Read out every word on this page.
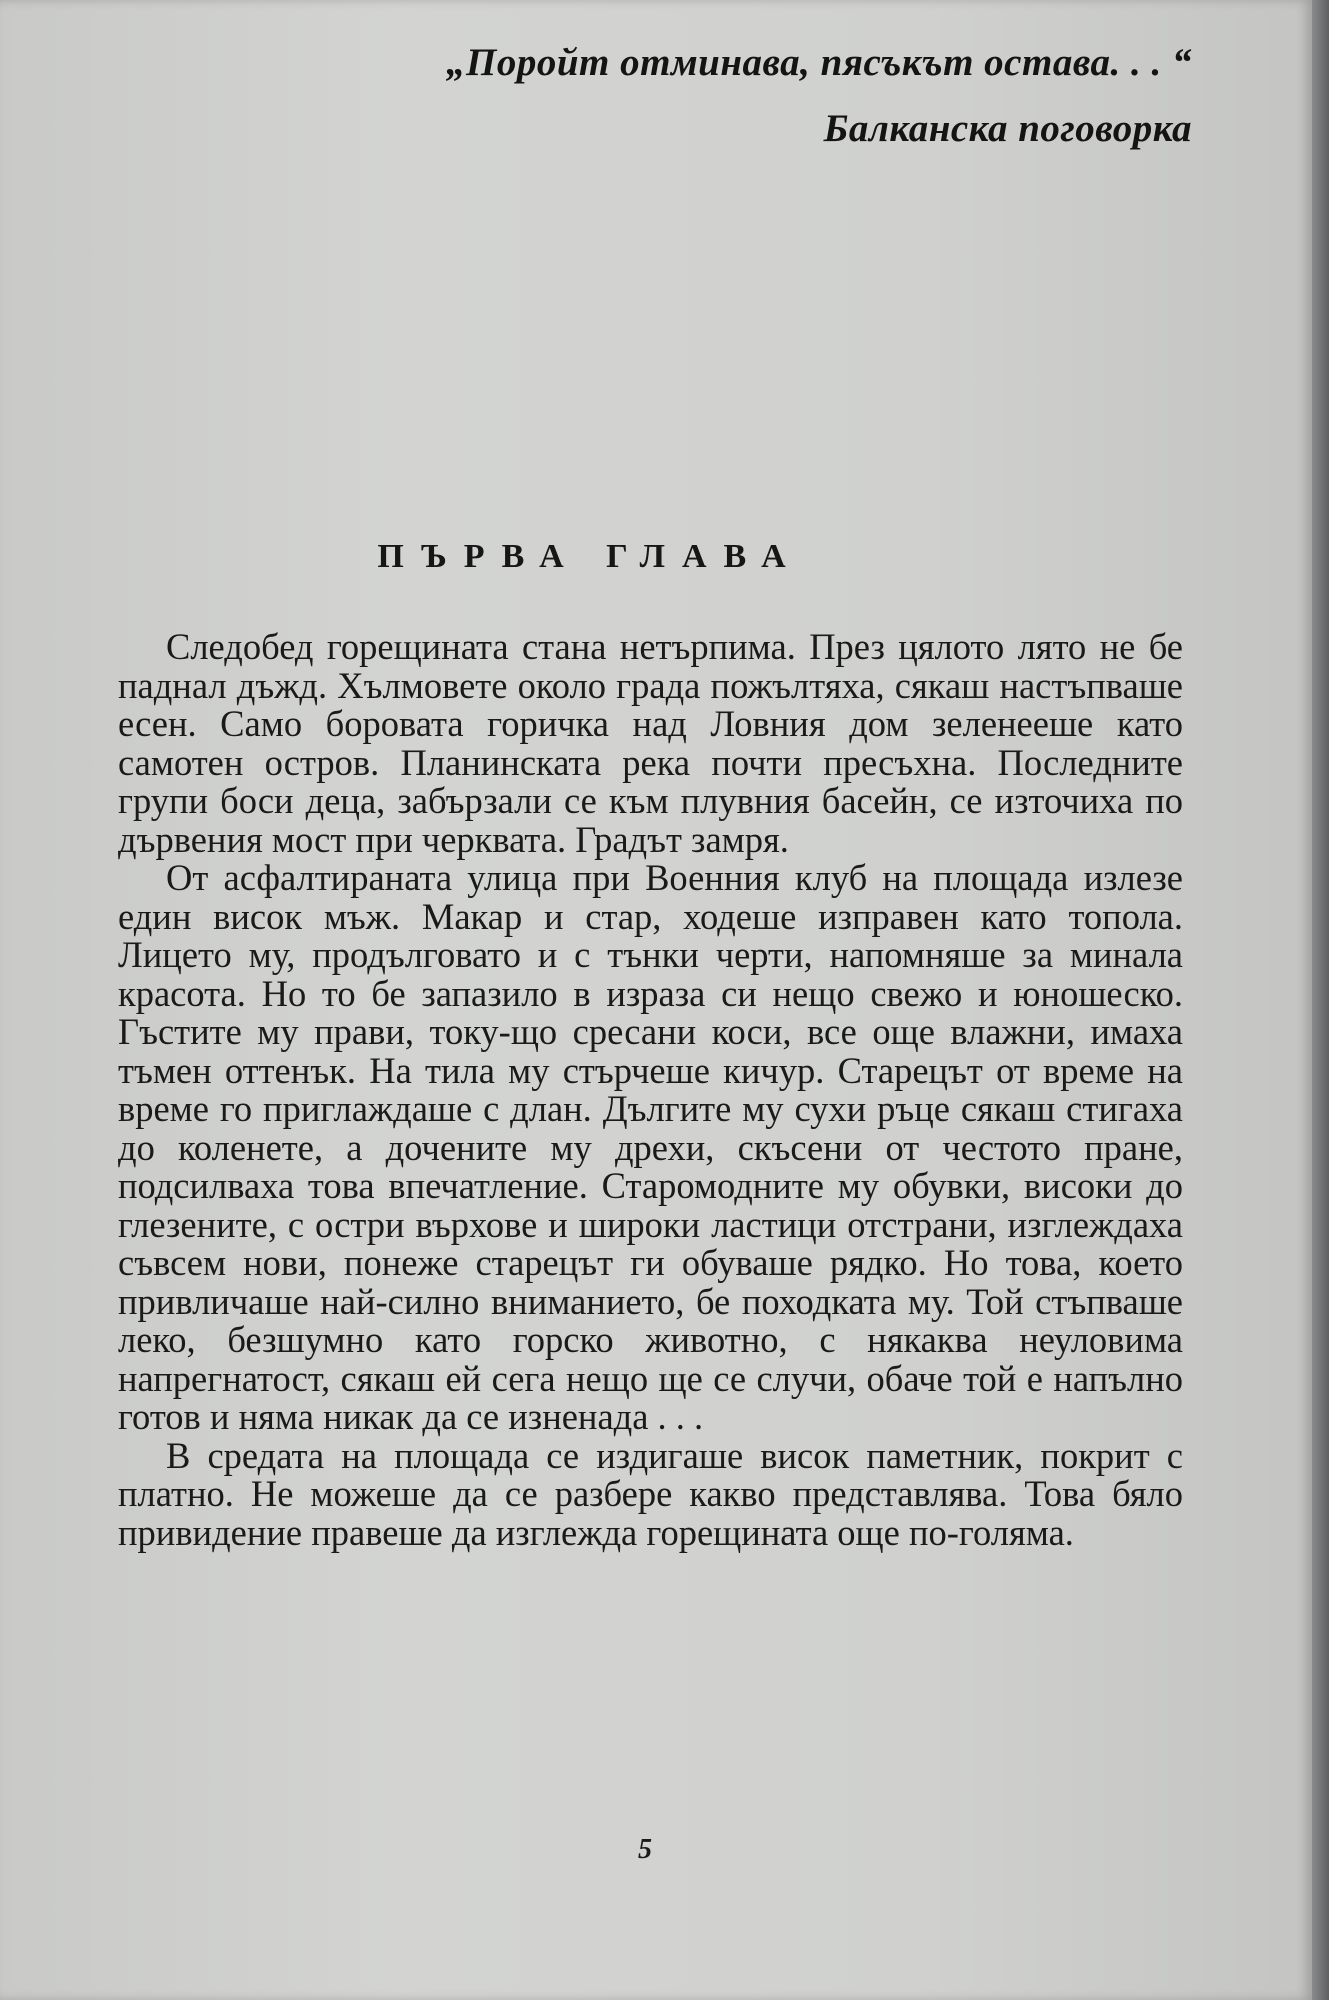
„Поройт отминава, пясъкът остава. . . “
Балканска поговорка
ПЪРВА ГЛАВА

Следобед горещината стана нетърпима. През цялото лято не бе паднал дъжд. Хълмовете около града пожълтяха, сякаш настъпваше есен. Само боровата горичка над Ловния дом зеленееше като самотен остров. Планинската река почти пресъхна. Последните групи боси деца, забързали се към плувния басейн, се източиха по дървения мост при черквата. Градът замря.

От асфалтираната улица при Военния клуб на площада излезе един висок мъж. Макар и стар, ходеше изправен като топола. Лицето му, продълговато и с тънки черти, напомняше за минала красота. Но то бе запазило в израза си нещо свежо и юношеско. Гъстите му прави, току-що сресани коси, все още влажни, имаха тъмен оттенък. На тила му стърчеше кичур. Старецът от време на време го приглаждаше с длан. Дългите му сухи ръце сякаш стигаха до коленете, а дочените му дрехи, скъсени от честото пране, подсилваха това впечатление. Старомодните му обувки, високи до глезените, с остри върхове и широки ластици отстрани, изглеждаха съвсем нови, понеже старецът ги обуваше рядко. Но това, което привличаше най-силно вниманието, бе походката му. Той стъпваше леко, безшумно като горско животно, с някаква неуловима напрегнатост, сякаш ей сега нещо ще се случи, обаче той е напълно готов и няма никак да се изненада . . .

В средата на площада се издигаше висок паметник, покрит с платно. Не можеше да се разбере какво представлява. Това бяло привидение правеше да изглежда горещината още по-голяма.

5
